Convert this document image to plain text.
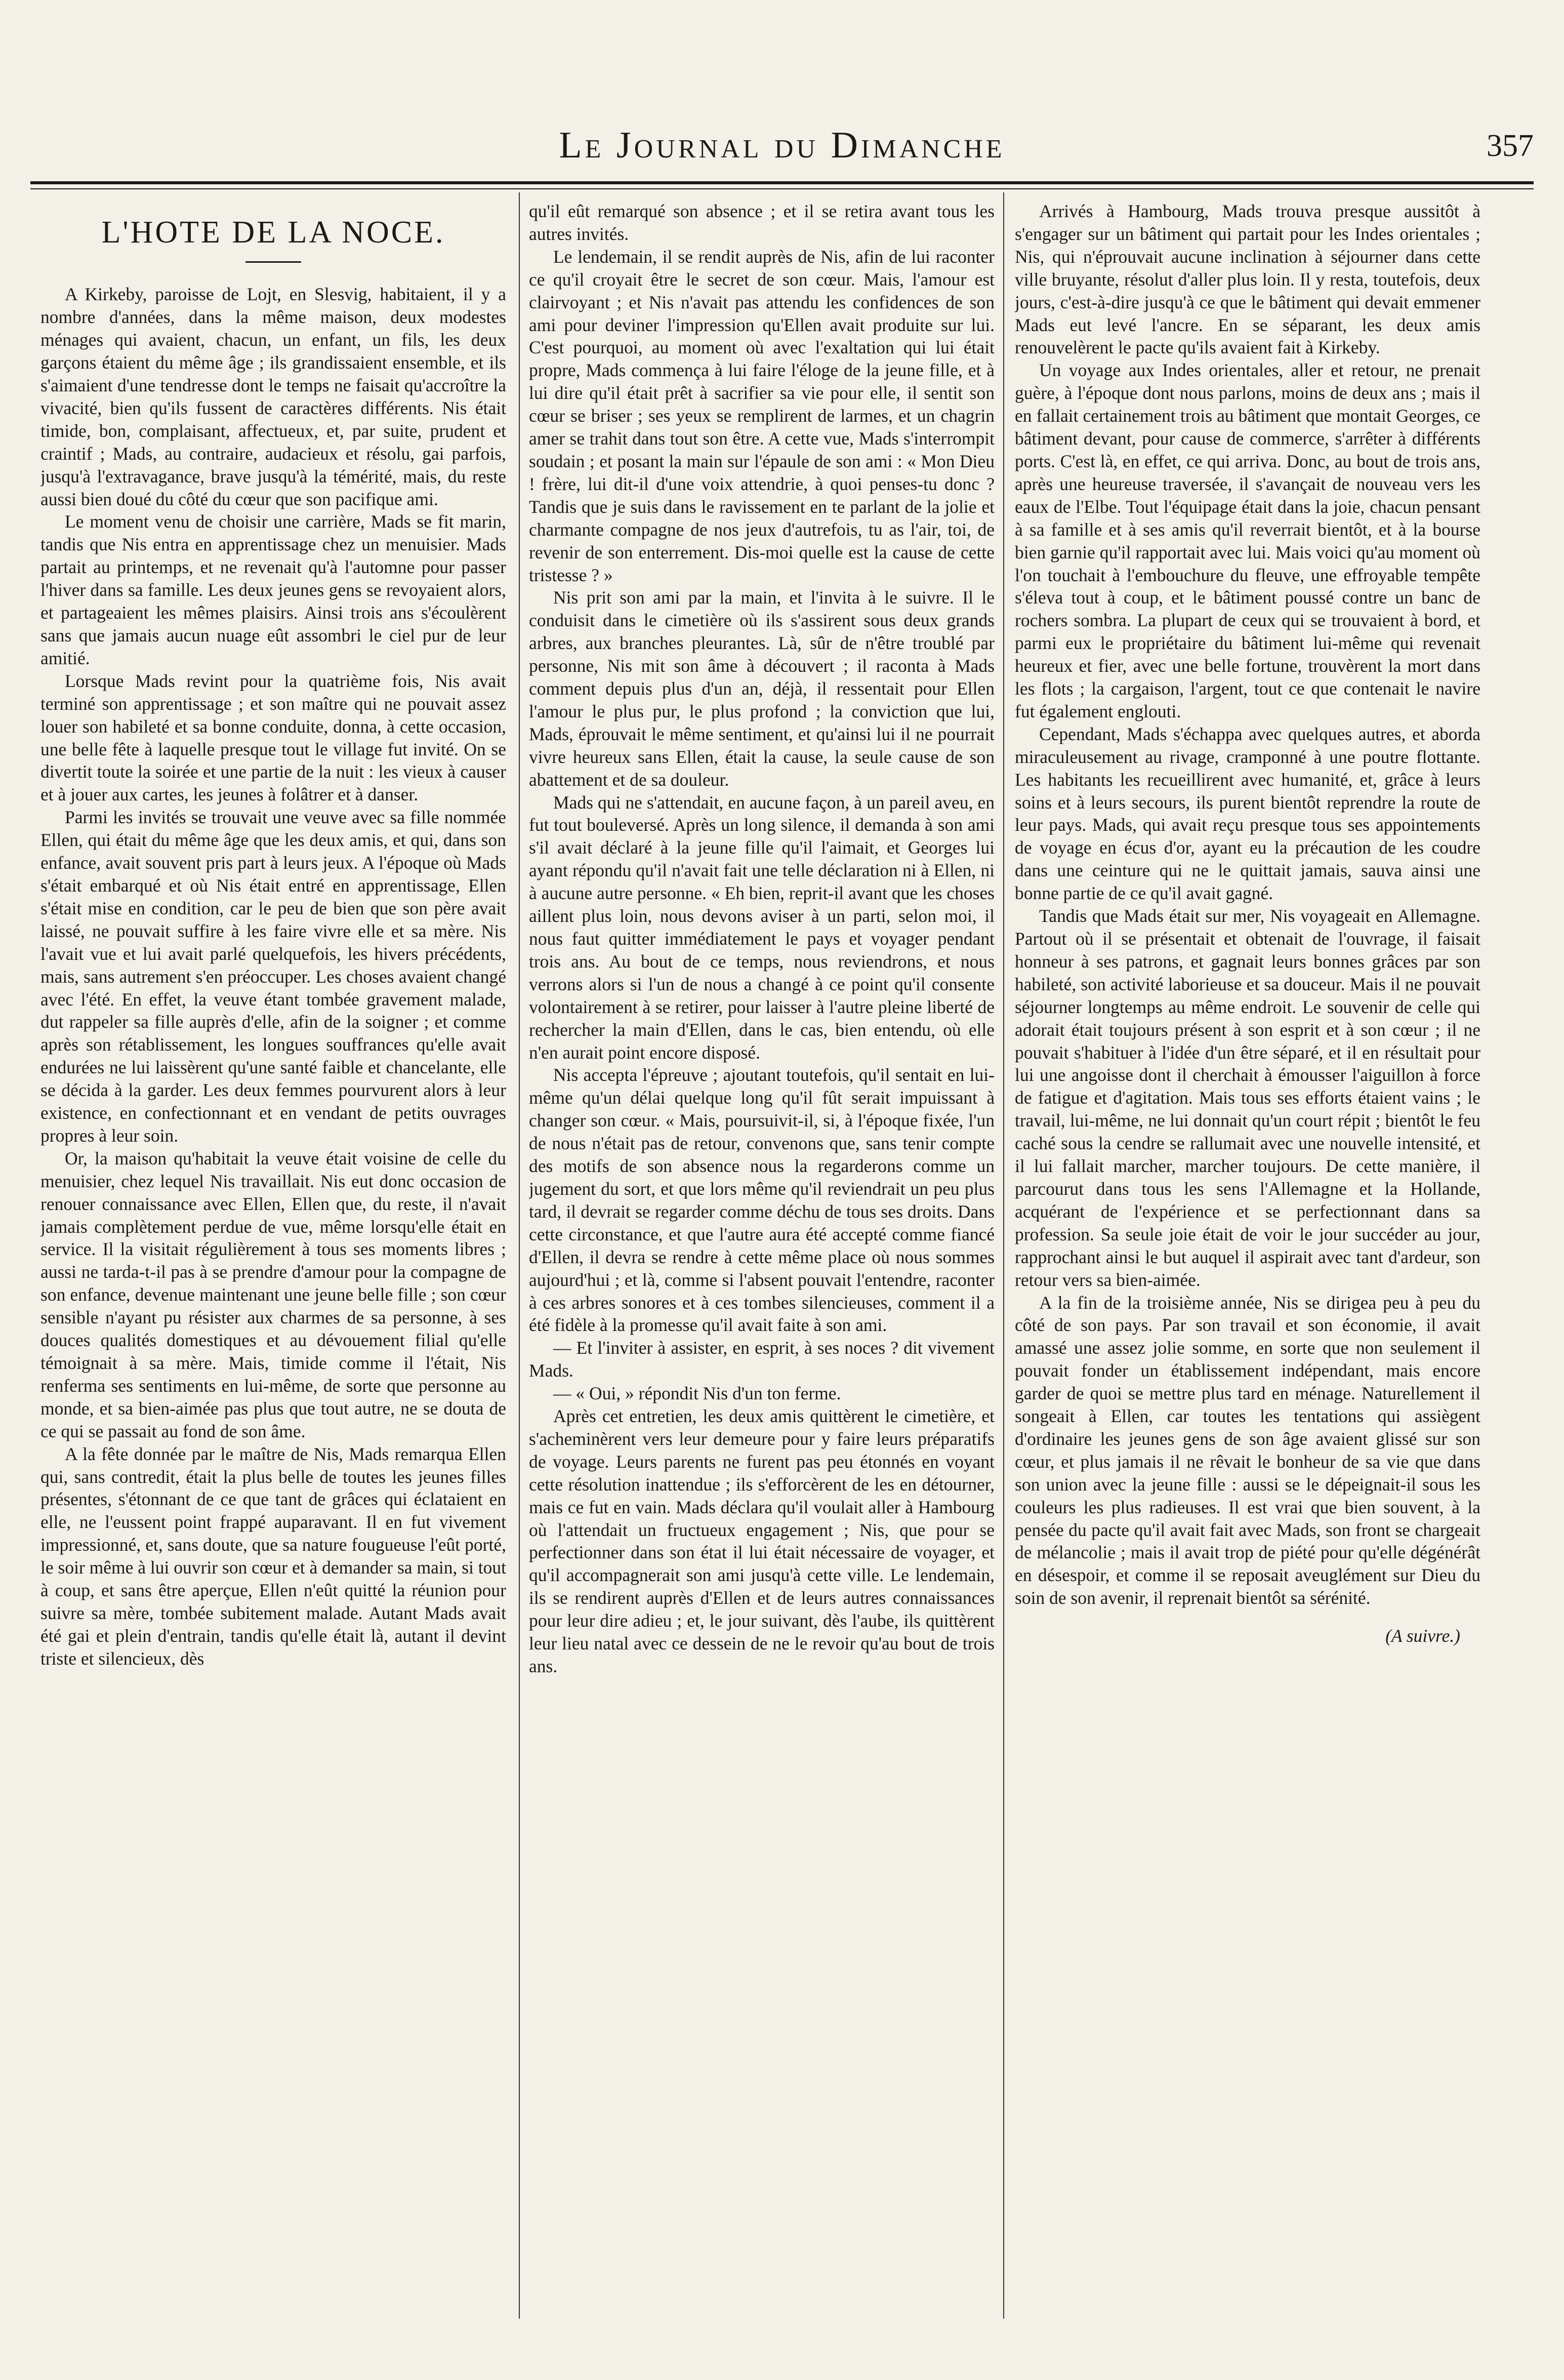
Le Journal du Dimanche	357
L'HOTE DE LA NOCE.

A Kirkeby, paroisse de Lojt, en Slesvig, habitaient, il y a nombre d'années, dans la même maison, deux modestes ménages qui avaient, chacun, un enfant, un fils, les deux garçons étaient du même âge ; ils grandissaient ensemble, et ils s'aimaient d'une tendresse dont le temps ne faisait qu'accroître la vivacité, bien qu'ils fussent de caractères différents. Nis était timide, bon, complaisant, affectueux, et, par suite, prudent et craintif ; Mads, au contraire, audacieux et résolu, gai parfois, jusqu'à l'extravagance, brave jusqu'à la témérité, mais, du reste aussi bien doué du côté du cœur que son pacifique ami.

Le moment venu de choisir une carrière, Mads se fit marin, tandis que Nis entra en apprentissage chez un menuisier. Mads partait au printemps, et ne revenait qu'à l'automne pour passer l'hiver dans sa famille. Les deux jeunes gens se revoyaient alors, et partageaient les mêmes plaisirs. Ainsi trois ans s'écoulèrent sans que jamais aucun nuage eût assombri le ciel pur de leur amitié.

Lorsque Mads revint pour la quatrième fois, Nis avait terminé son apprentissage ; et son maître qui ne pouvait assez louer son habileté et sa bonne conduite, donna, à cette occasion, une belle fête à laquelle presque tout le village fut invité. On se divertit toute la soirée et une partie de la nuit : les vieux à causer et à jouer aux cartes, les jeunes à folâtrer et à danser.

Parmi les invités se trouvait une veuve avec sa fille nommée Ellen, qui était du même âge que les deux amis, et qui, dans son enfance, avait souvent pris part à leurs jeux. A l'époque où Mads s'était embarqué et où Nis était entré en apprentissage, Ellen s'était mise en condition, car le peu de bien que son père avait laissé, ne pouvait suffire à les faire vivre elle et sa mère. Nis l'avait vue et lui avait parlé quelquefois, les hivers précédents, mais, sans autrement s'en préoccuper. Les choses avaient changé avec l'été. En effet, la veuve étant tombée gravement malade, dut rappeler sa fille auprès d'elle, afin de la soigner ; et comme après son rétablissement, les longues souffrances qu'elle avait endurées ne lui laissèrent qu'une santé faible et chancelante, elle se décida à la garder. Les deux femmes pourvurent alors à leur existence, en confectionnant et en vendant de petits ouvrages propres à leur soin.

Or, la maison qu'habitait la veuve était voisine de celle du menuisier, chez lequel Nis travaillait. Nis eut donc occasion de renouer connaissance avec Ellen, Ellen que, du reste, il n'avait jamais complètement perdue de vue, même lorsqu'elle était en service. Il la visitait régulièrement à tous ses moments libres ; aussi ne tarda-t-il pas à se prendre d'amour pour la compagne de son enfance, devenue maintenant une jeune belle fille ; son cœur sensible n'ayant pu résister aux charmes de sa personne, à ses douces qualités domestiques et au dévouement filial qu'elle témoignait à sa mère. Mais, timide comme il l'était, Nis renferma ses sentiments en lui-même, de sorte que personne au monde, et sa bien-aimée pas plus que tout autre, ne se douta de ce qui se passait au fond de son âme.

A la fête donnée par le maître de Nis, Mads remarqua Ellen qui, sans contredit, était la plus belle de toutes les jeunes filles présentes, s'étonnant de ce que tant de grâces qui éclataient en elle, ne l'eussent point frappé auparavant. Il en fut vivement impressionné, et, sans doute, que sa nature fougueuse l'eût porté, le soir même à lui ouvrir son cœur et à demander sa main, si tout à coup, et sans être aperçue, Ellen n'eût quitté la réunion pour suivre sa mère, tombée subitement malade. Autant Mads avait été gai et plein d'entrain, tandis qu'elle était là, autant il devint triste et silencieux, dès

qu'il eût remarqué son absence ; et il se retira avant tous les autres invités.

Le lendemain, il se rendit auprès de Nis, afin de lui raconter ce qu'il croyait être le secret de son cœur. Mais, l'amour est clairvoyant ; et Nis n'avait pas attendu les confidences de son ami pour deviner l'impression qu'Ellen avait produite sur lui. C'est pourquoi, au moment où avec l'exaltation qui lui était propre, Mads commença à lui faire l'éloge de la jeune fille, et à lui dire qu'il était prêt à sacrifier sa vie pour elle, il sentit son cœur se briser ; ses yeux se remplirent de larmes, et un chagrin amer se trahit dans tout son être. A cette vue, Mads s'interrompit soudain ; et posant la main sur l'épaule de son ami : « Mon Dieu ! frère, lui dit-il d'une voix attendrie, à quoi penses-tu donc ? Tandis que je suis dans le ravissement en te parlant de la jolie et charmante compagne de nos jeux d'autrefois, tu as l'air, toi, de revenir de son enterrement. Dis-moi quelle est la cause de cette tristesse ? »

Nis prit son ami par la main, et l'invita à le suivre. Il le conduisit dans le cimetière où ils s'assirent sous deux grands arbres, aux branches pleurantes. Là, sûr de n'être troublé par personne, Nis mit son âme à découvert ; il raconta à Mads comment depuis plus d'un an, déjà, il ressentait pour Ellen l'amour le plus pur, le plus profond ; la conviction que lui, Mads, éprouvait le même sentiment, et qu'ainsi lui il ne pourrait vivre heureux sans Ellen, était la cause, la seule cause de son abattement et de sa douleur.

Mads qui ne s'attendait, en aucune façon, à un pareil aveu, en fut tout bouleversé. Après un long silence, il demanda à son ami s'il avait déclaré à la jeune fille qu'il l'aimait, et Georges lui ayant répondu qu'il n'avait fait une telle déclaration ni à Ellen, ni à aucune autre personne. « Eh bien, reprit-il avant que les choses aillent plus loin, nous devons aviser à un parti, selon moi, il nous faut quitter immédiatement le pays et voyager pendant trois ans. Au bout de ce temps, nous reviendrons, et nous verrons alors si l'un de nous a changé à ce point qu'il consente volontairement à se retirer, pour laisser à l'autre pleine liberté de rechercher la main d'Ellen, dans le cas, bien entendu, où elle n'en aurait point encore disposé.

Nis accepta l'épreuve ; ajoutant toutefois, qu'il sentait en lui-même qu'un délai quelque long qu'il fût serait impuissant à changer son cœur. « Mais, poursuivit-il, si, à l'époque fixée, l'un de nous n'était pas de retour, convenons que, sans tenir compte des motifs de son absence nous la regarderons comme un jugement du sort, et que lors même qu'il reviendrait un peu plus tard, il devrait se regarder comme déchu de tous ses droits. Dans cette circonstance, et que l'autre aura été accepté comme fiancé d'Ellen, il devra se rendre à cette même place où nous sommes aujourd'hui ; et là, comme si l'absent pouvait l'entendre, raconter à ces arbres sonores et à ces tombes silencieuses, comment il a été fidèle à la promesse qu'il avait faite à son ami.

— Et l'inviter à assister, en esprit, à ses noces ? dit vivement Mads.

— « Oui, » répondit Nis d'un ton ferme.

Après cet entretien, les deux amis quittèrent le cimetière, et s'acheminèrent vers leur demeure pour y faire leurs préparatifs de voyage. Leurs parents ne furent pas peu étonnés en voyant cette résolution inattendue ; ils s'efforcèrent de les en détourner, mais ce fut en vain. Mads déclara qu'il voulait aller à Hambourg où l'attendait un fructueux engagement ; Nis, que pour se perfectionner dans son état il lui était nécessaire de voyager, et qu'il accompagnerait son ami jusqu'à cette ville. Le lendemain, ils se rendirent auprès d'Ellen et de leurs autres connaissances pour leur dire adieu ; et, le jour suivant, dès l'aube, ils quittèrent leur lieu natal avec ce dessein de ne le revoir qu'au bout de trois ans.

Arrivés à Hambourg, Mads trouva presque aussitôt à s'engager sur un bâtiment qui partait pour les Indes orientales ; Nis, qui n'éprouvait aucune inclination à séjourner dans cette ville bruyante, résolut d'aller plus loin. Il y resta, toutefois, deux jours, c'est-à-dire jusqu'à ce que le bâtiment qui devait emmener Mads eut levé l'ancre. En se séparant, les deux amis renouvelèrent le pacte qu'ils avaient fait à Kirkeby.

Un voyage aux Indes orientales, aller et retour, ne prenait guère, à l'époque dont nous parlons, moins de deux ans ; mais il en fallait certainement trois au bâtiment que montait Georges, ce bâtiment devant, pour cause de commerce, s'arrêter à différents ports. C'est là, en effet, ce qui arriva. Donc, au bout de trois ans, après une heureuse traversée, il s'avançait de nouveau vers les eaux de l'Elbe. Tout l'équipage était dans la joie, chacun pensant à sa famille et à ses amis qu'il reverrait bientôt, et à la bourse bien garnie qu'il rapportait avec lui. Mais voici qu'au moment où l'on touchait à l'embouchure du fleuve, une effroyable tempête s'éleva tout à coup, et le bâtiment poussé contre un banc de rochers sombra. La plupart de ceux qui se trouvaient à bord, et parmi eux le propriétaire du bâtiment lui-même qui revenait heureux et fier, avec une belle fortune, trouvèrent la mort dans les flots ; la cargaison, l'argent, tout ce que contenait le navire fut également englouti.

Cependant, Mads s'échappa avec quelques autres, et aborda miraculeusement au rivage, cramponné à une poutre flottante. Les habitants les recueillirent avec humanité, et, grâce à leurs soins et à leurs secours, ils purent bientôt reprendre la route de leur pays. Mads, qui avait reçu presque tous ses appointements de voyage en écus d'or, ayant eu la précaution de les coudre dans une ceinture qui ne le quittait jamais, sauva ainsi une bonne partie de ce qu'il avait gagné.

Tandis que Mads était sur mer, Nis voyageait en Allemagne. Partout où il se présentait et obtenait de l'ouvrage, il faisait honneur à ses patrons, et gagnait leurs bonnes grâces par son habileté, son activité laborieuse et sa douceur. Mais il ne pouvait séjourner longtemps au même endroit. Le souvenir de celle qui adorait était toujours présent à son esprit et à son cœur ; il ne pouvait s'habituer à l'idée d'un être séparé, et il en résultait pour lui une angoisse dont il cherchait à émousser l'aiguillon à force de fatigue et d'agitation. Mais tous ses efforts étaient vains ; le travail, lui-même, ne lui donnait qu'un court répit ; bientôt le feu caché sous la cendre se rallumait avec une nouvelle intensité, et il lui fallait marcher, marcher toujours. De cette manière, il parcourut dans tous les sens l'Allemagne et la Hollande, acquérant de l'expérience et se perfectionnant dans sa profession. Sa seule joie était de voir le jour succéder au jour, rapprochant ainsi le but auquel il aspirait avec tant d'ardeur, son retour vers sa bien-aimée.

A la fin de la troisième année, Nis se dirigea peu à peu du côté de son pays. Par son travail et son économie, il avait amassé une assez jolie somme, en sorte que non seulement il pouvait fonder un établissement indépendant, mais encore garder de quoi se mettre plus tard en ménage. Naturellement il songeait à Ellen, car toutes les tentations qui assiègent d'ordinaire les jeunes gens de son âge avaient glissé sur son cœur, et plus jamais il ne rêvait le bonheur de sa vie que dans son union avec la jeune fille : aussi se le dépeignait-il sous les couleurs les plus radieuses. Il est vrai que bien souvent, à la pensée du pacte qu'il avait fait avec Mads, son front se chargeait de mélancolie ; mais il avait trop de piété pour qu'elle dégénérât en désespoir, et comme il se reposait aveuglément sur Dieu du soin de son avenir, il reprenait bientôt sa sérénité.

(A suivre.)
